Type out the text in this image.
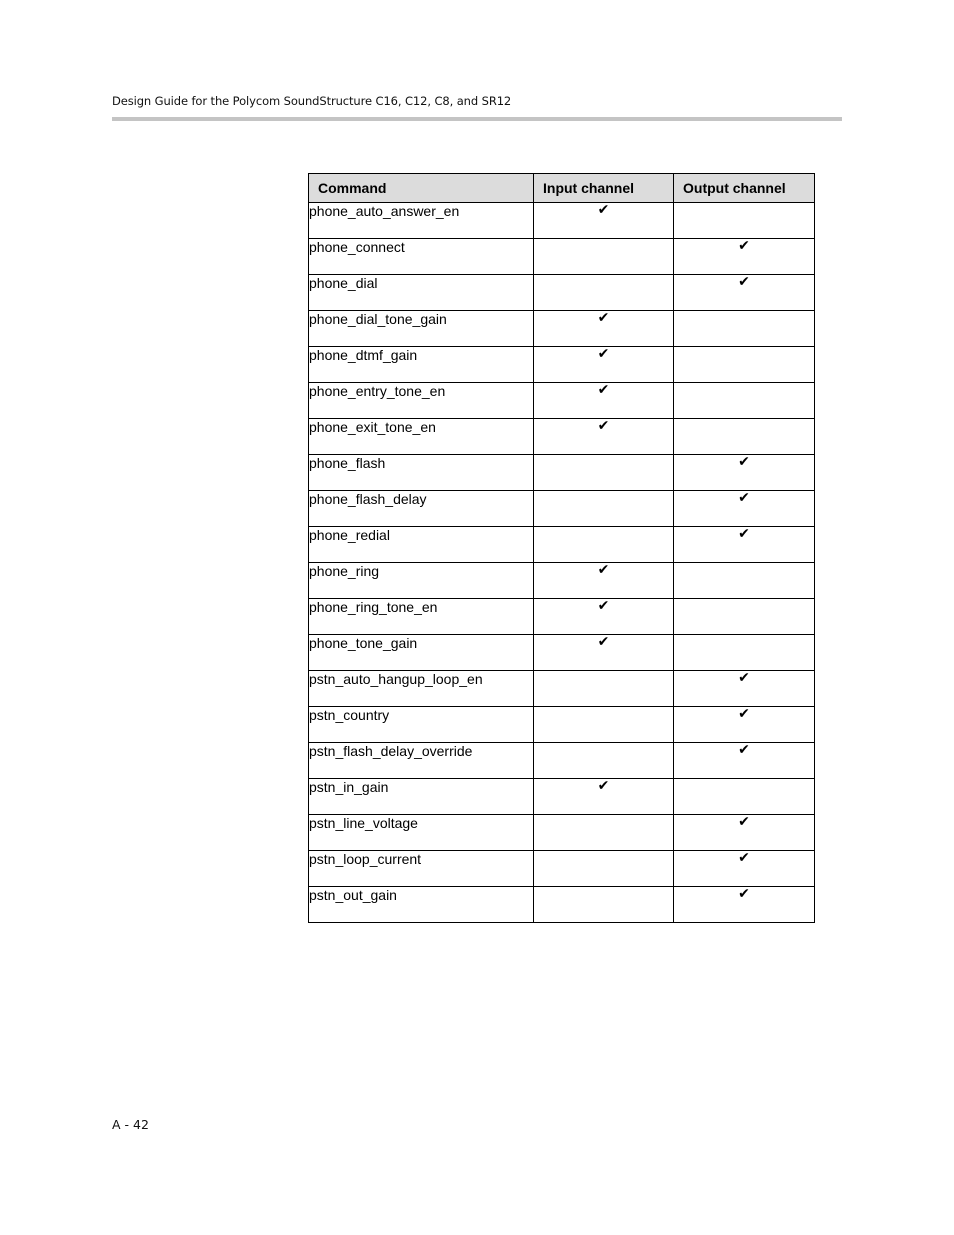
Design Guide for the Polycom SoundStructure C16, C12, C8, and SR12
Command	Input channel	Output channel
phone_auto_answer_en	✔	
phone_connect		✔
phone_dial		✔
phone_dial_tone_gain	✔	
phone_dtmf_gain	✔	
phone_entry_tone_en	✔	
phone_exit_tone_en	✔	
phone_flash		✔
phone_flash_delay		✔
phone_redial		✔
phone_ring	✔	
phone_ring_tone_en	✔	
phone_tone_gain	✔	
pstn_auto_hangup_loop_en		✔
pstn_country		✔
pstn_flash_delay_override		✔
pstn_in_gain	✔	
pstn_line_voltage		✔
pstn_loop_current		✔
pstn_out_gain		✔
A - 42
